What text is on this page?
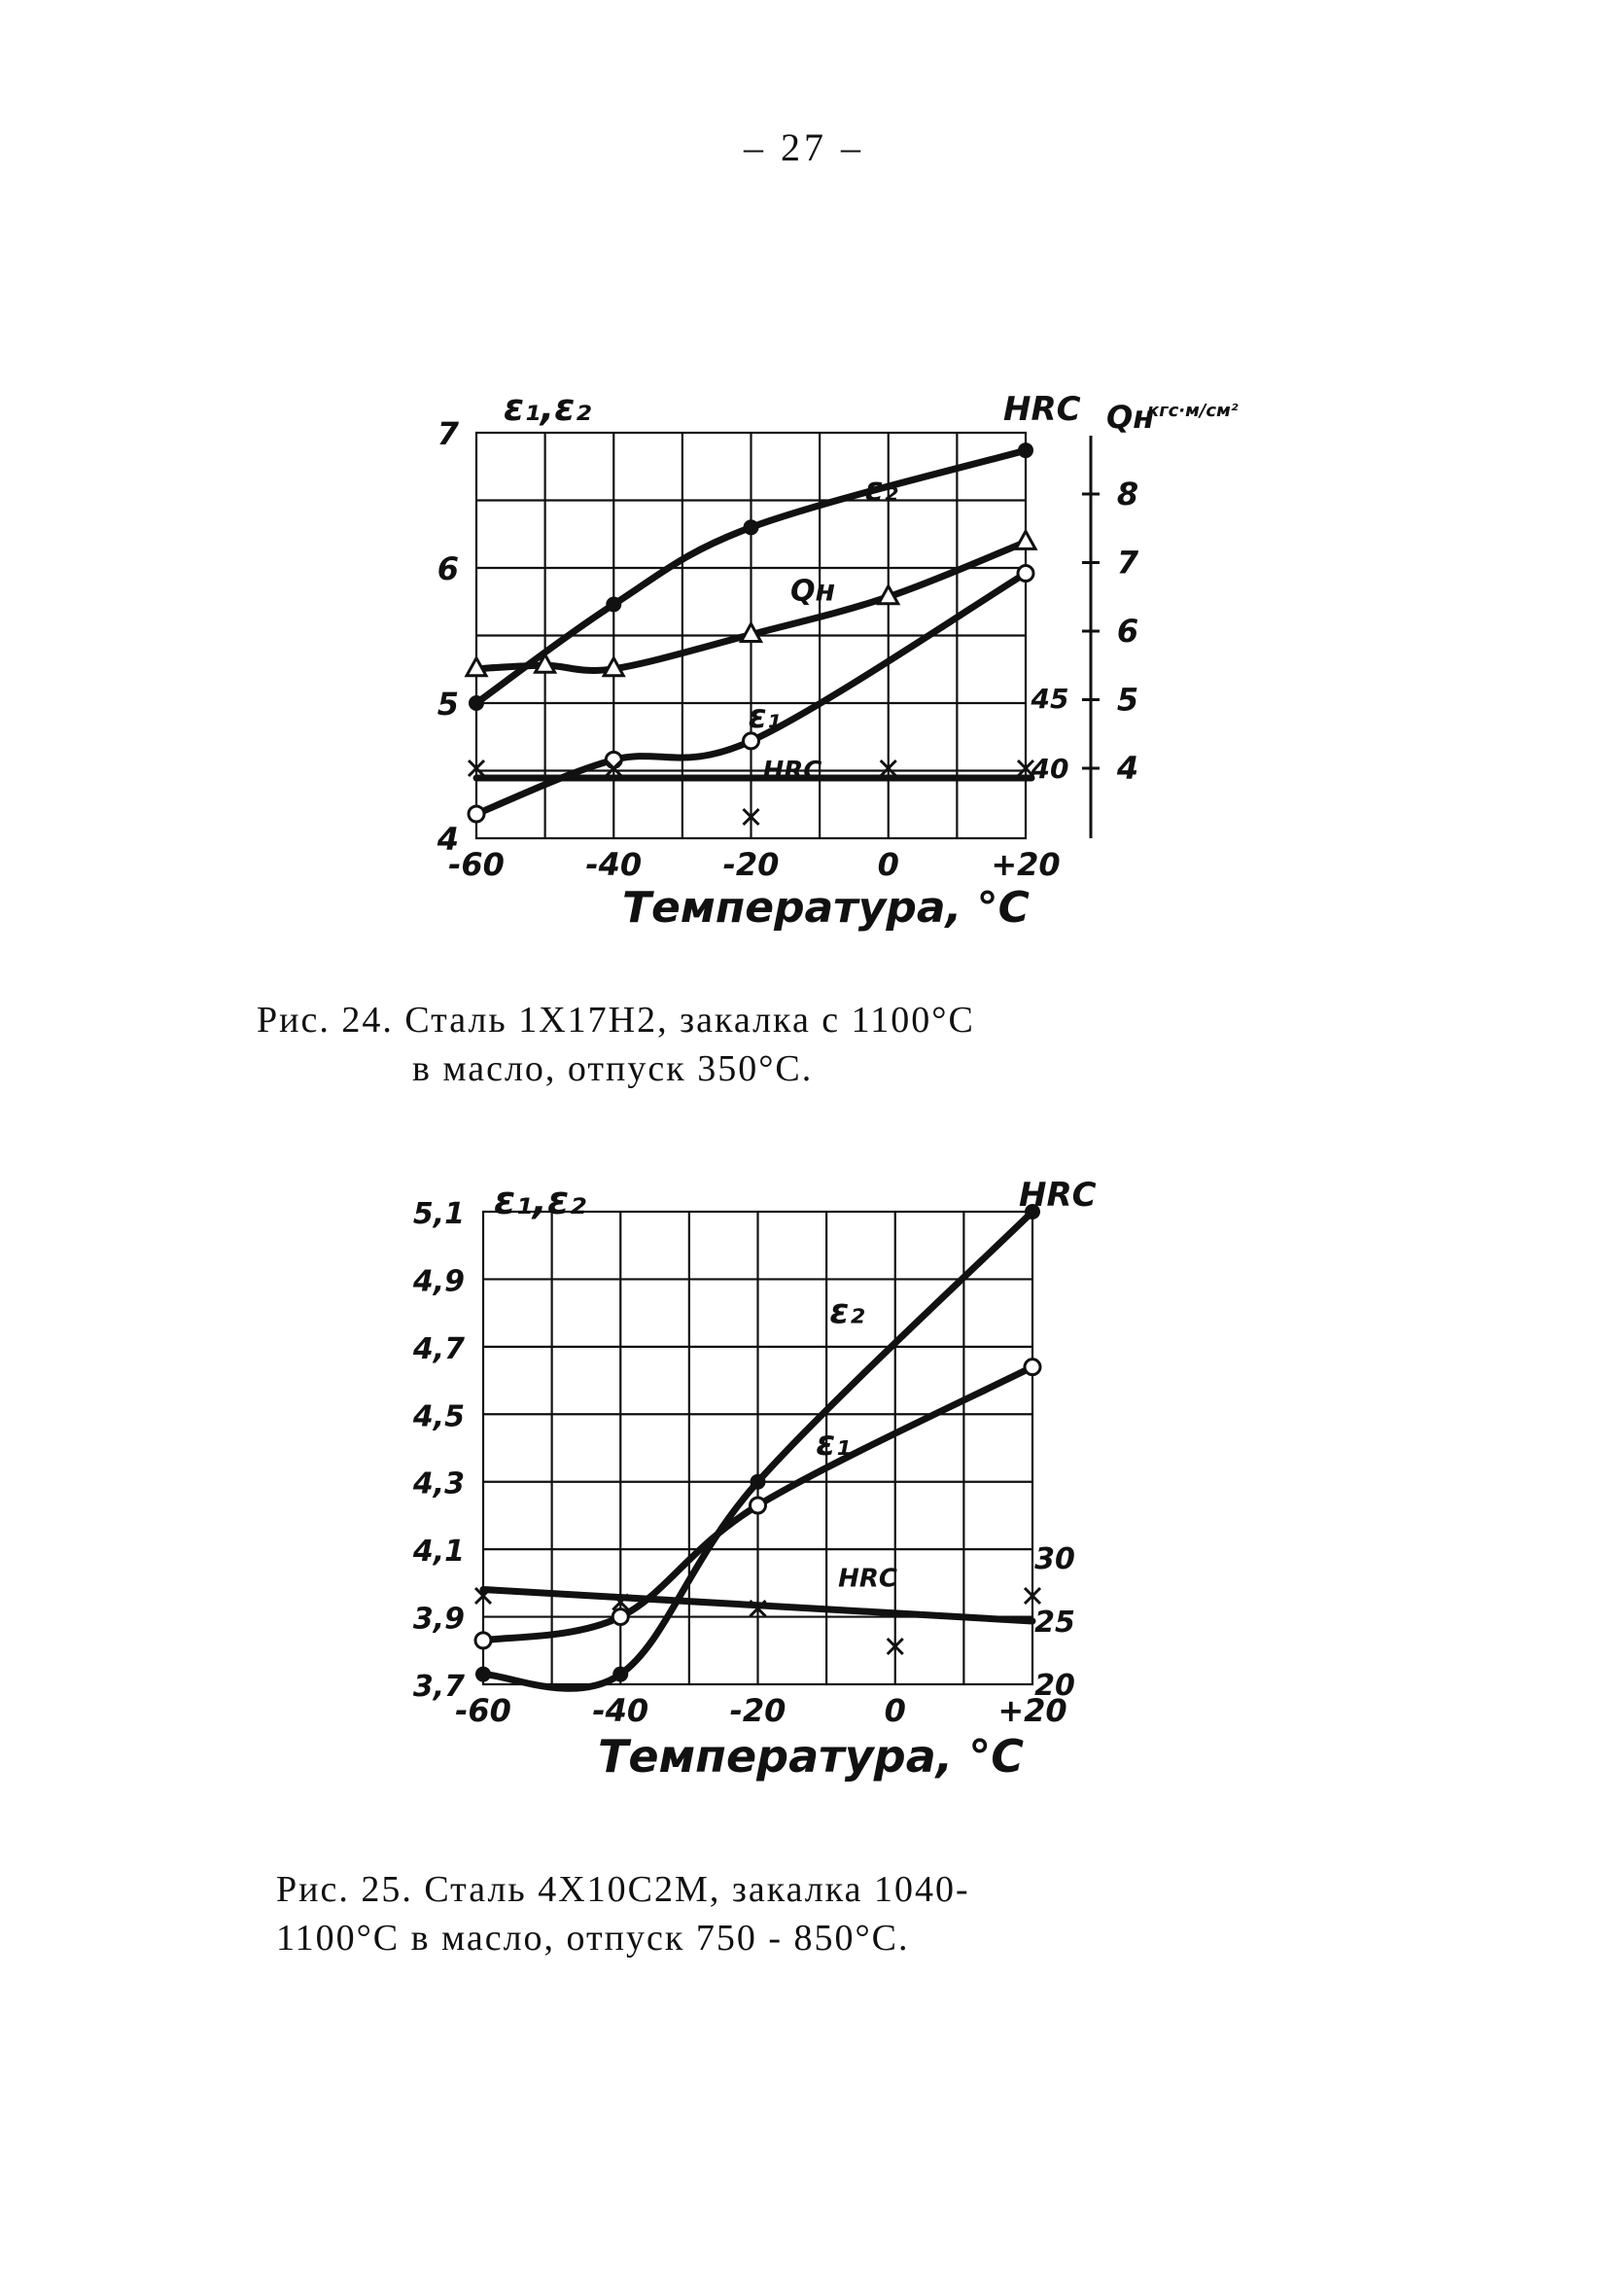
– 27 –
-60	-40	-20	0	+20
7
6
5
4
45
40
8
7
6
5
4
ε₂
Qн
ε₁
HRC
ε₁,ε₂	HRC Qн
кгс·м/см²
Температура, °C
Рис. 24. Сталь 1Х17Н2, закалка с 1100°С
в масло, отпуск 350°С.
-60	-40	-20	0	+20
5,1
4,9
4,7
4,5
4,3
4,1
3,9
3,7
30
25
20
ε₂
ε₁
HRC
ε₁,ε₂	HRC
Температура, °C
Рис. 25. Сталь 4Х10С2М, закалка 1040-
1100°С в масло, отпуск 750 - 850°С.
